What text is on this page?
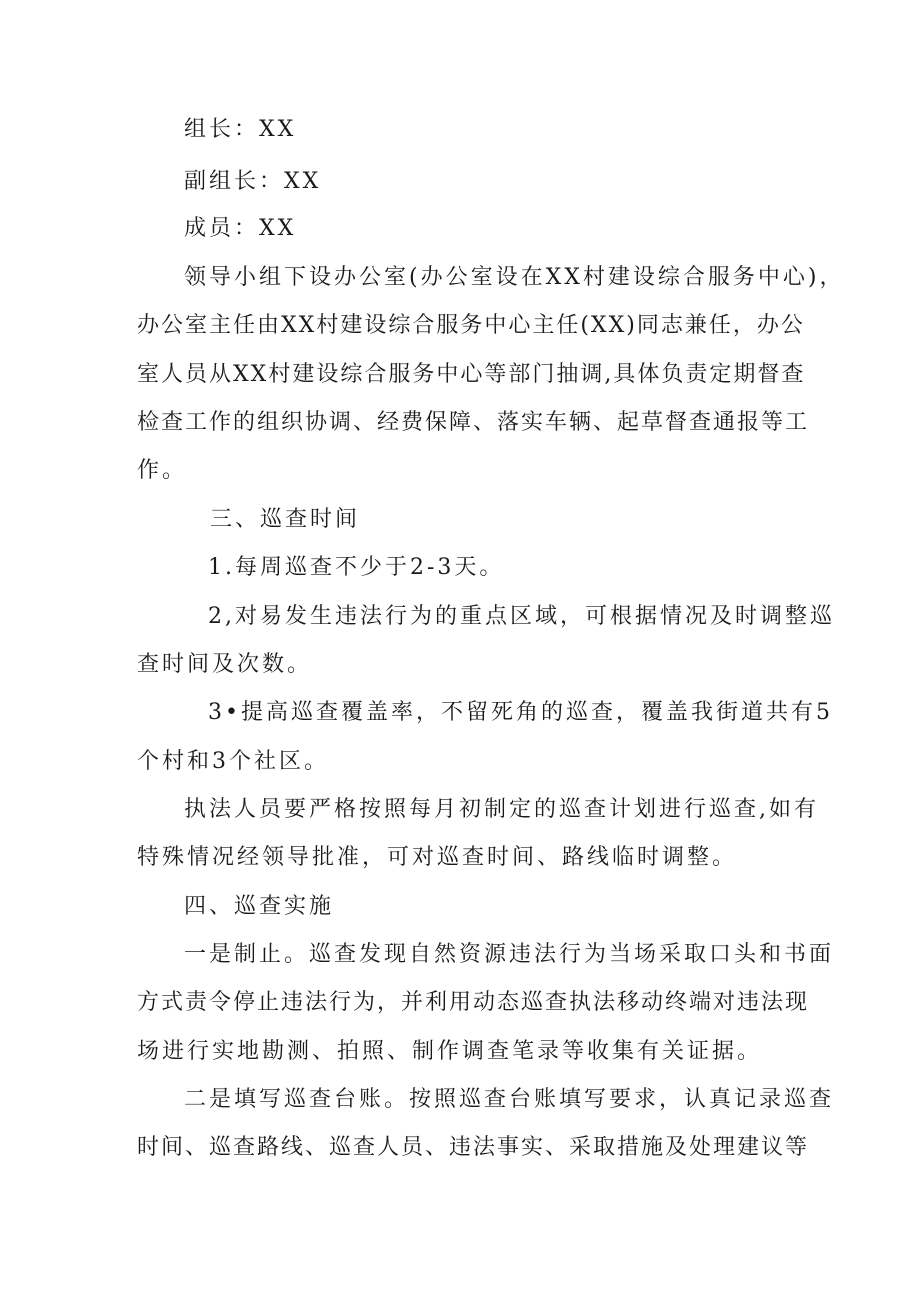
组长：XX
副组长：XX
成员：XX
领导小组下设办公室(办公室设在XX村建设综合服务中心)，
办公室主任由XX村建设综合服务中心主任(XX)同志兼任，办公
室人员从XX村建设综合服务中心等部门抽调,具体负责定期督查
检查工作的组织协调、经费保障、落实车辆、起草督查通报等工
作。
三、巡查时间
1.每周巡查不少于2-3天。
2,对易发生违法行为的重点区域，可根据情况及时调整巡
查时间及次数。
3•提高巡查覆盖率，不留死角的巡查，覆盖我街道共有5
个村和3个社区。
执法人员要严格按照每月初制定的巡查计划进行巡查,如有
特殊情况经领导批准，可对巡查时间、路线临时调整。
四、巡查实施
一是制止。巡查发现自然资源违法行为当场采取口头和书面
方式责令停止违法行为，并利用动态巡查执法移动终端对违法现
场进行实地勘测、拍照、制作调查笔录等收集有关证据。
二是填写巡查台账。按照巡查台账填写要求，认真记录巡查
时间、巡查路线、巡查人员、违法事实、采取措施及处理建议等
